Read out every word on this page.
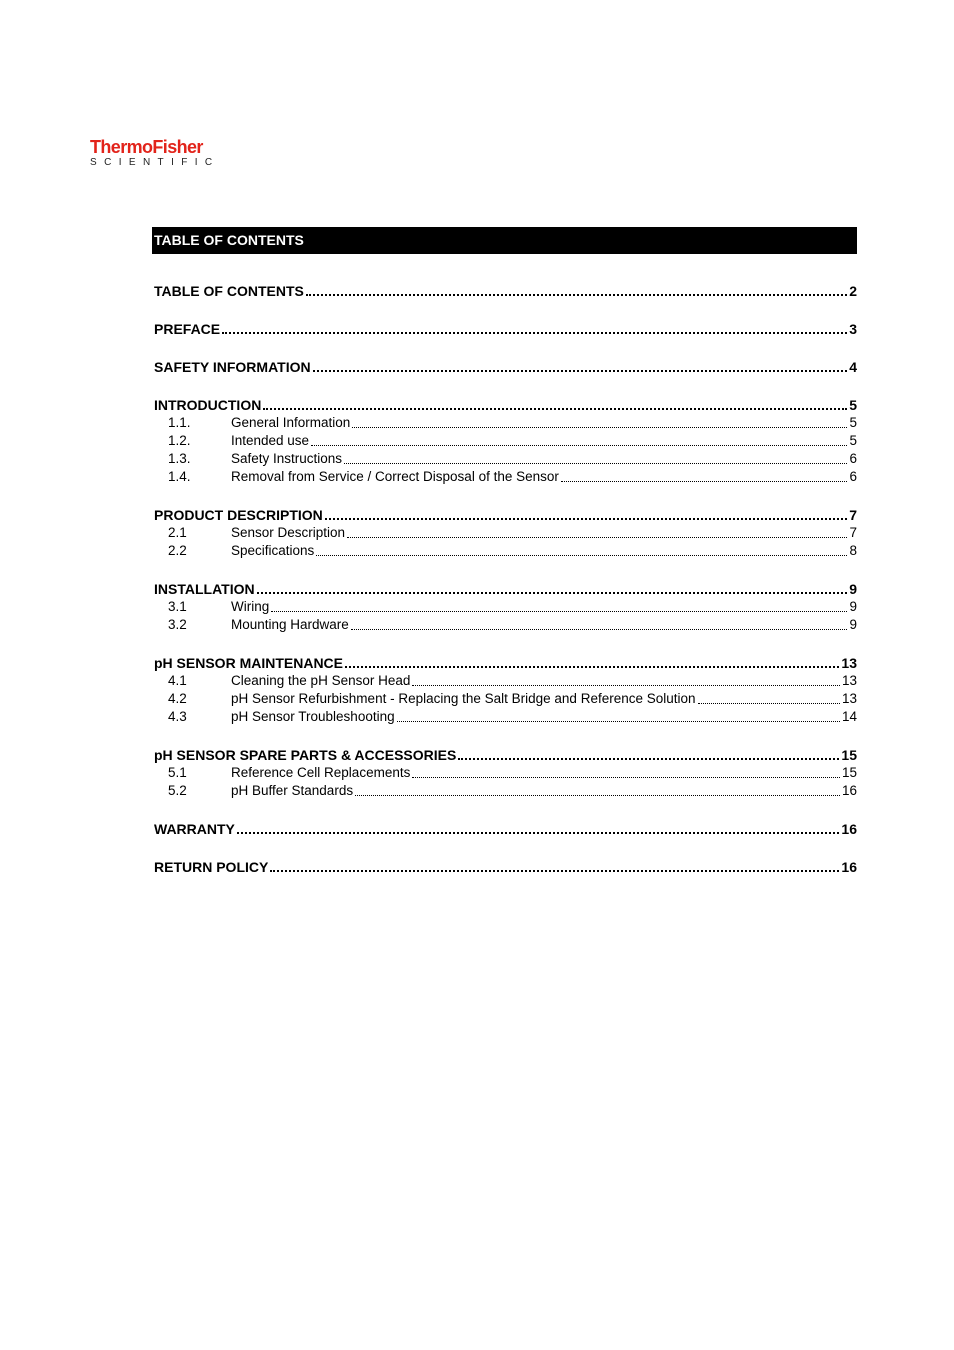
ThermoFisher
SCIENTIFIC
TABLE OF CONTENTS
TABLE OF CONTENTS	2
PREFACE	3
SAFETY INFORMATION	4
INTRODUCTION	5
1.1.	General Information	5
1.2.	Intended use	5
1.3.	Safety Instructions	6
1.4.	Removal from Service / Correct Disposal of the Sensor	6
PRODUCT DESCRIPTION	7
2.1	Sensor Description	7
2.2	Specifications	8
INSTALLATION	9
3.1	Wiring	9
3.2	Mounting Hardware	9
pH SENSOR MAINTENANCE	13
4.1	Cleaning the pH Sensor Head	13
4.2	pH Sensor Refurbishment - Replacing the Salt Bridge and Reference Solution	13
4.3	pH Sensor Troubleshooting	14
pH SENSOR SPARE PARTS & ACCESSORIES	15
5.1	Reference Cell Replacements	15
5.2	pH Buffer Standards	16
WARRANTY	16
RETURN POLICY	16
